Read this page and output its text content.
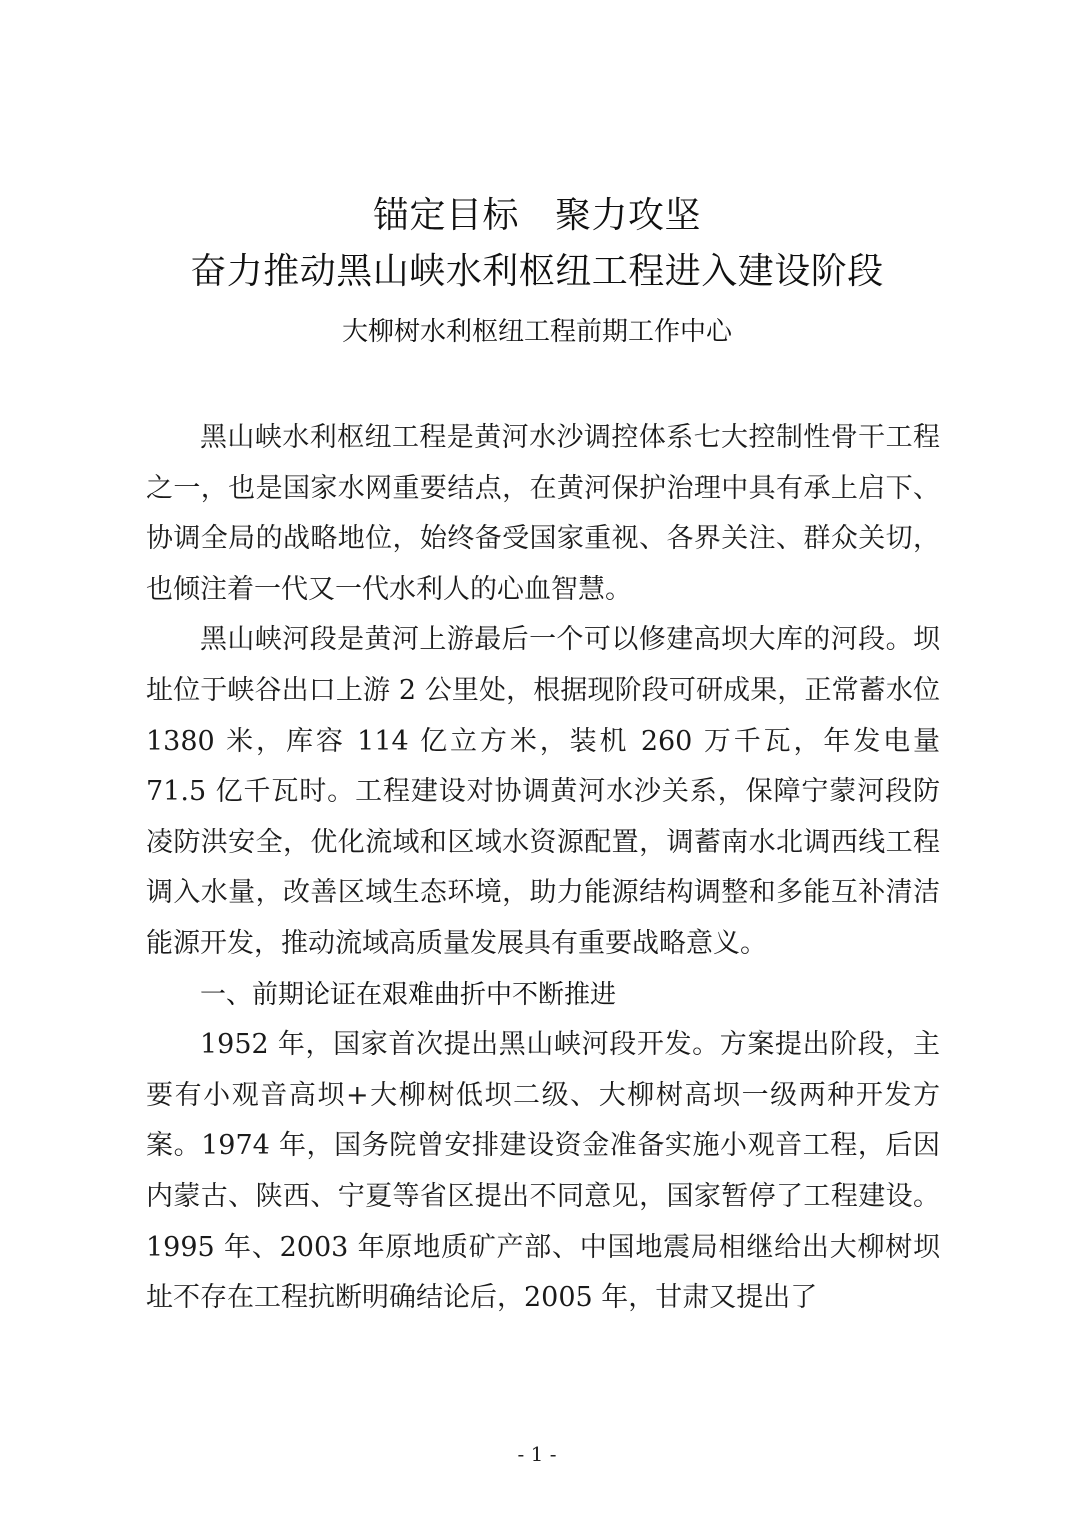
锚定目标 聚力攻坚
奋力推动黑山峡水利枢纽工程进入建设阶段
大柳树水利枢纽工程前期工作中心

黑山峡水利枢纽工程是黄河水沙调控体系七大控制性骨干工程之一，也是国家水网重要结点，在黄河保护治理中具有承上启下、协调全局的战略地位，始终备受国家重视、各界关注、群众关切，也倾注着一代又一代水利人的心血智慧。

黑山峡河段是黄河上游最后一个可以修建高坝大库的河段。坝址位于峡谷出口上游 2 公里处，根据现阶段可研成果，正常蓄水位 1380 米，库容 114 亿立方米，装机 260 万千瓦，年发电量 71.5 亿千瓦时。工程建设对协调黄河水沙关系，保障宁蒙河段防凌防洪安全，优化流域和区域水资源配置，调蓄南水北调西线工程调入水量，改善区域生态环境，助力能源结构调整和多能互补清洁能源开发，推动流域高质量发展具有重要战略意义。

一、前期论证在艰难曲折中不断推进

1952 年，国家首次提出黑山峡河段开发。方案提出阶段，主要有小观音高坝+大柳树低坝二级、大柳树高坝一级两种开发方案。1974 年，国务院曾安排建设资金准备实施小观音工程，后因内蒙古、陕西、宁夏等省区提出不同意见，国家暂停了工程建设。1995 年、2003 年原地质矿产部、中国地震局相继给出大柳树坝址不存在工程抗断明确结论后，2005 年，甘肃又提出了

- 1 -
